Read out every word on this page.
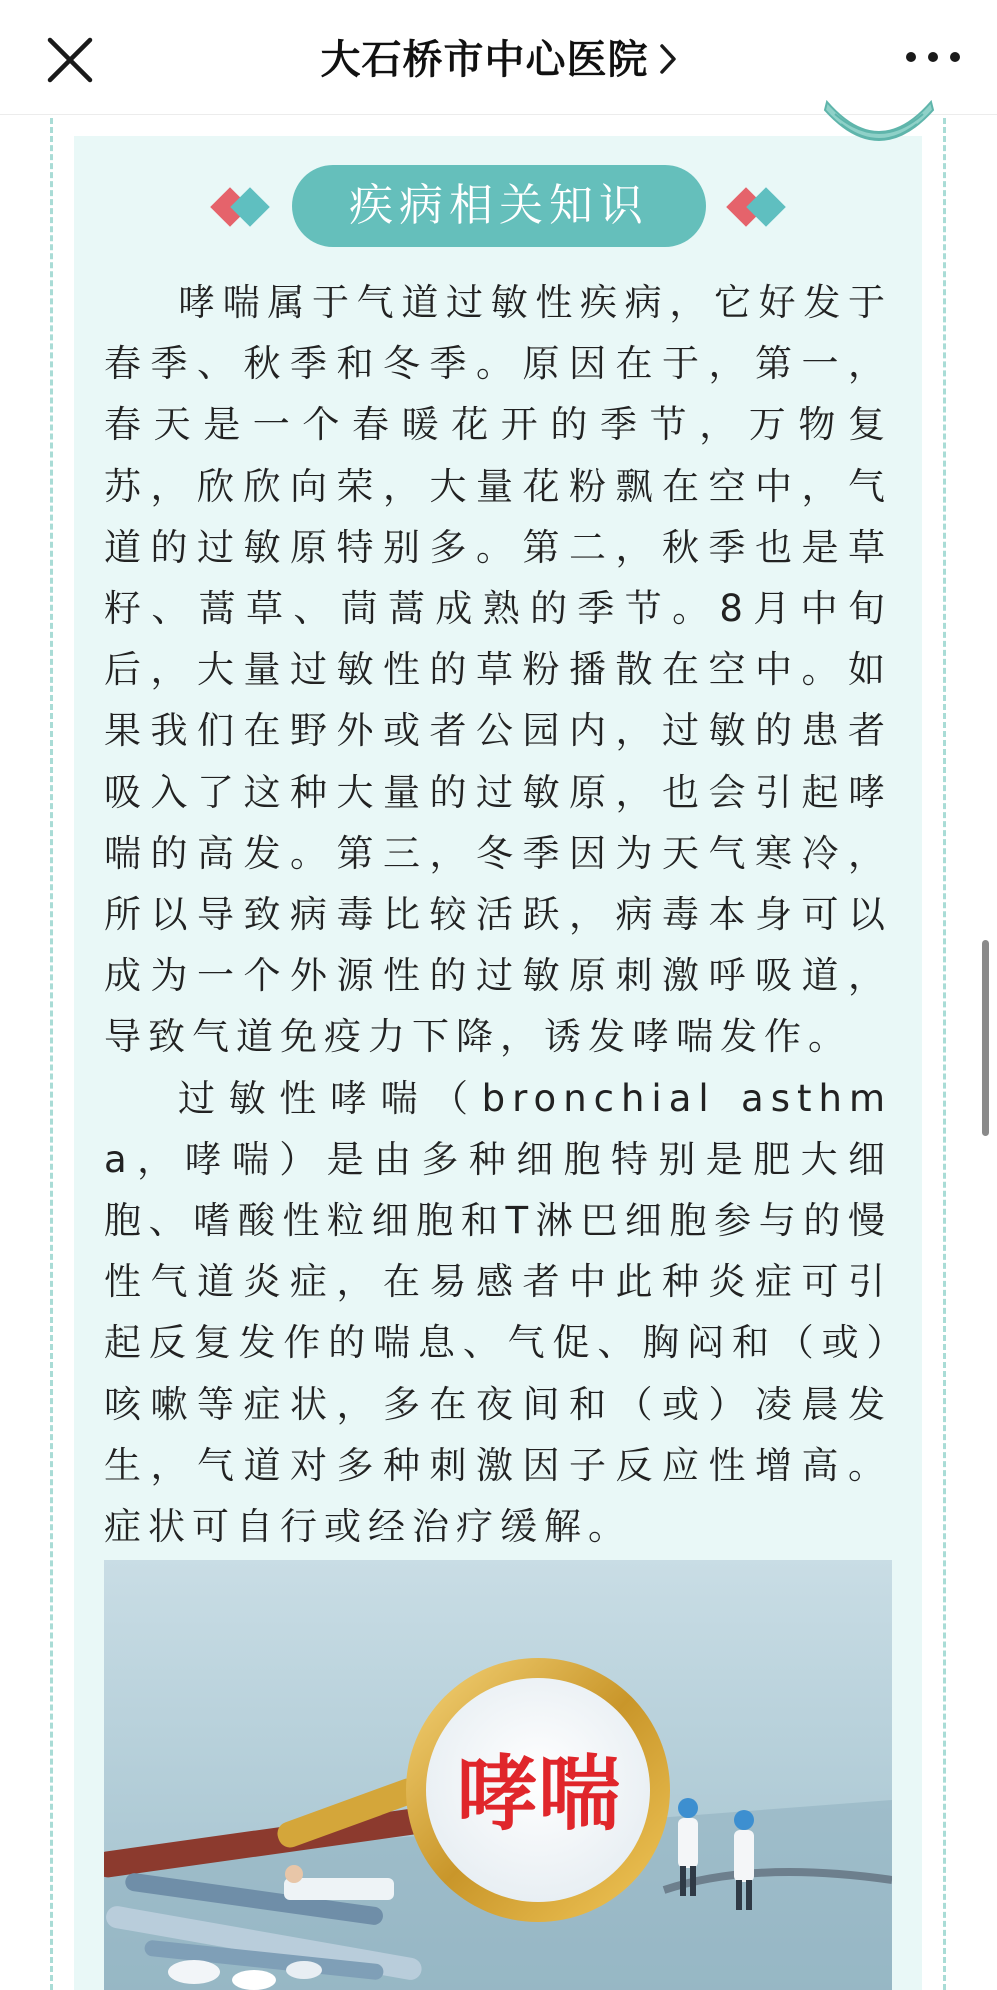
大石桥市中心医院
疾病相关知识

哮喘属于气道过敏性疾病，它好发于春季、秋季和冬季。原因在于，第一，春天是一个春暖花开的季节，万物复苏，欣欣向荣，大量花粉飘在空中，气道的过敏原特别多。第二，秋季也是草籽、蒿草、茼蒿成熟的季节。8月中旬后，大量过敏性的草粉播散在空中。如果我们在野外或者公园内，过敏的患者吸入了这种大量的过敏原，也会引起哮喘的高发。第三，冬季因为天气寒冷，所以导致病毒比较活跃，病毒本身可以成为一个外源性的过敏原刺激呼吸道，导致气道免疫力下降，诱发哮喘发作。

过敏性哮喘（bronchial asthma，哮喘）是由多种细胞特别是肥大细胞、嗜酸性粒细胞和T淋巴细胞参与的慢性气道炎症，在易感者中此种炎症可引起反复发作的喘息、气促、胸闷和（或）咳嗽等症状，多在夜间和（或）凌晨发生，气道对多种刺激因子反应性增高。症状可自行或经治疗缓解。

哮喘
